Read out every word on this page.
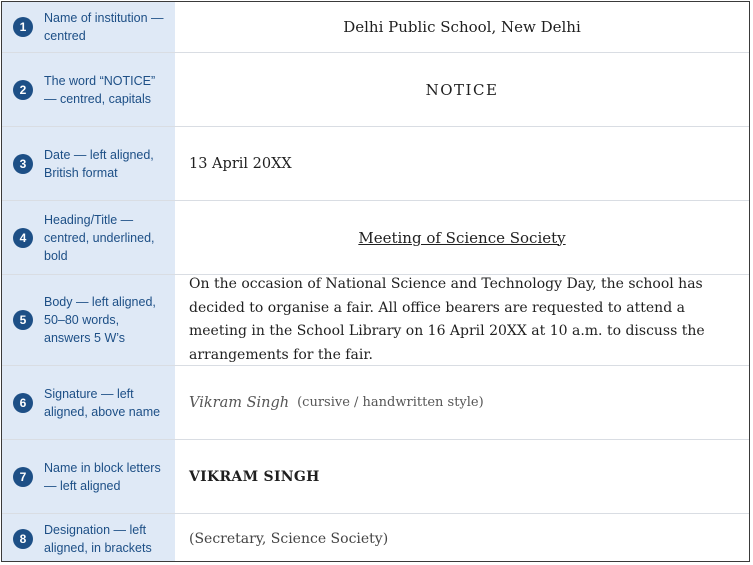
1
Name of institution — centred	Delhi Public School, New Delhi
2
The word “NOTICE” — centred, capitals	NOTICE
3
Date — left aligned, British format
13 April 20XX
4
Heading/Title — centred, underlined, bold
Meeting of Science Society
5
Body — left aligned, 50–80 words, answers 5 W’s
On the occasion of National Science and Technology Day, the school has decided to organise a fair. All office bearers are requested to attend a meeting in the School Library on 16 April 20XX at 10 a.m. to discuss the arrangements for the fair.
6
Signature — left aligned, above name
Vikram Singh (cursive / handwritten style)
7
Name in block letters — left aligned
VIKRAM SINGH
8
Designation — left aligned, in brackets
(Secretary, Science Society)
